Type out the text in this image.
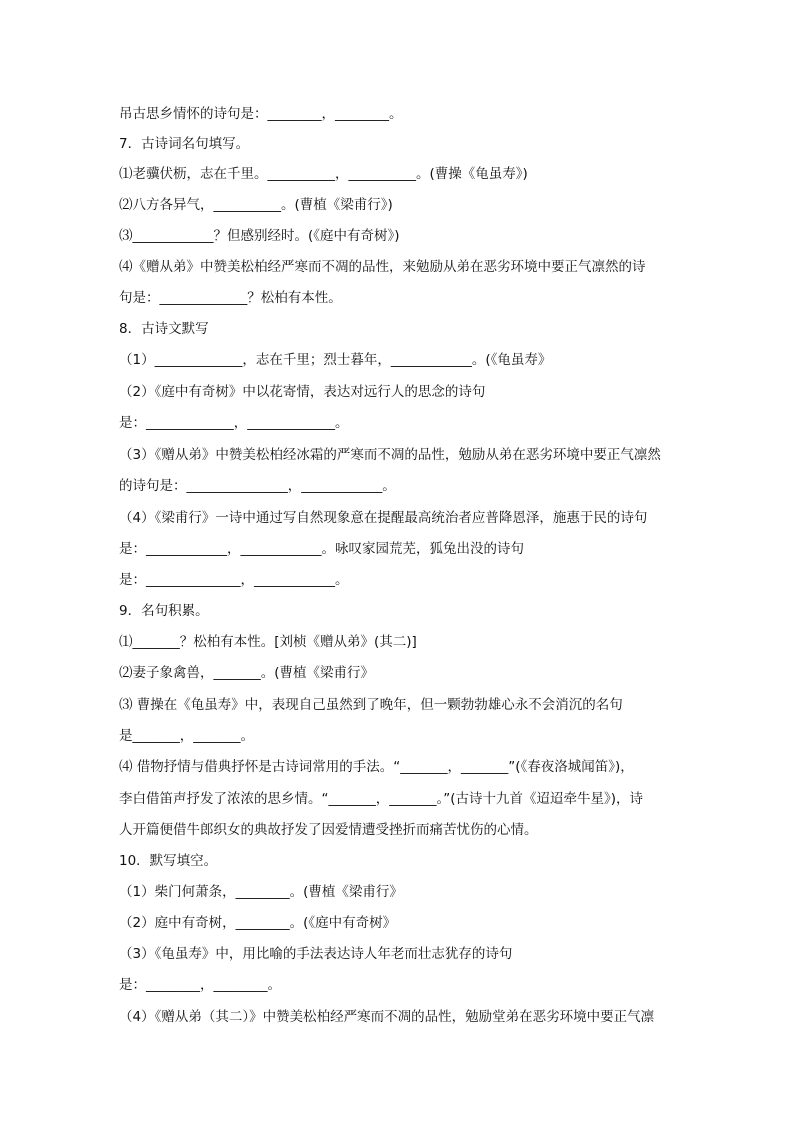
吊古思乡情怀的诗句是：________，________。
7．古诗词名句填写。
⑴老骥伏枥，志在千里。__________，__________。(曹操《龟虽寿》)
⑵八方各异气，__________。(曹植《梁甫行》)
⑶____________？但感别经时。(《庭中有奇树》)
⑷《赠从弟》中赞美松柏经严寒而不凋的品性，来勉励从弟在恶劣环境中要正气凛然的诗
句是：_____________？松柏有本性。
8．古诗文默写
（1）_____________，志在千里；烈士暮年，____________。(《龟虽寿》
（2）《庭中有奇树》中以花寄情，表达对远行人的思念的诗句
是：_____________，_____________。
（3）《赠从弟》中赞美松柏经冰霜的严寒而不凋的品性，勉励从弟在恶劣环境中要正气凛然
的诗句是：_______________，____________。
（4）《梁甫行》一诗中通过写自然现象意在提醒最高统治者应普降恩泽，施惠于民的诗句
是：____________，____________。咏叹家园荒芜，狐兔出没的诗句
是：______________，____________。
9．名句积累。
⑴_______？松柏有本性。[刘桢《赠从弟》(其二)]
⑵妻子象禽兽，_______。(曹植《梁甫行》
⑶ 曹操在《龟虽寿》中，表现自己虽然到了晚年，但一颗勃勃雄心永不会消沉的名句
是_______，_______。
⑷ 借物抒情与借典抒怀是古诗词常用的手法。“_______，_______”(《春夜洛城闻笛》)，
李白借笛声抒发了浓浓的思乡情。“_______，_______。”(古诗十九首《迢迢牵牛星》)，诗
人开篇便借牛郎织女的典故抒发了因爱情遭受挫折而痛苦忧伤的心情。
10．默写填空。
（1）柴门何萧条，________。(曹植《梁甫行》
（2）庭中有奇树，________。(《庭中有奇树》
（3）《龟虽寿》中，用比喻的手法表达诗人年老而壮志犹存的诗句
是：________，________。
（4）《赠从弟（其二）》中赞美松柏经严寒而不凋的品性，勉励堂弟在恶劣环境中要正气凛
